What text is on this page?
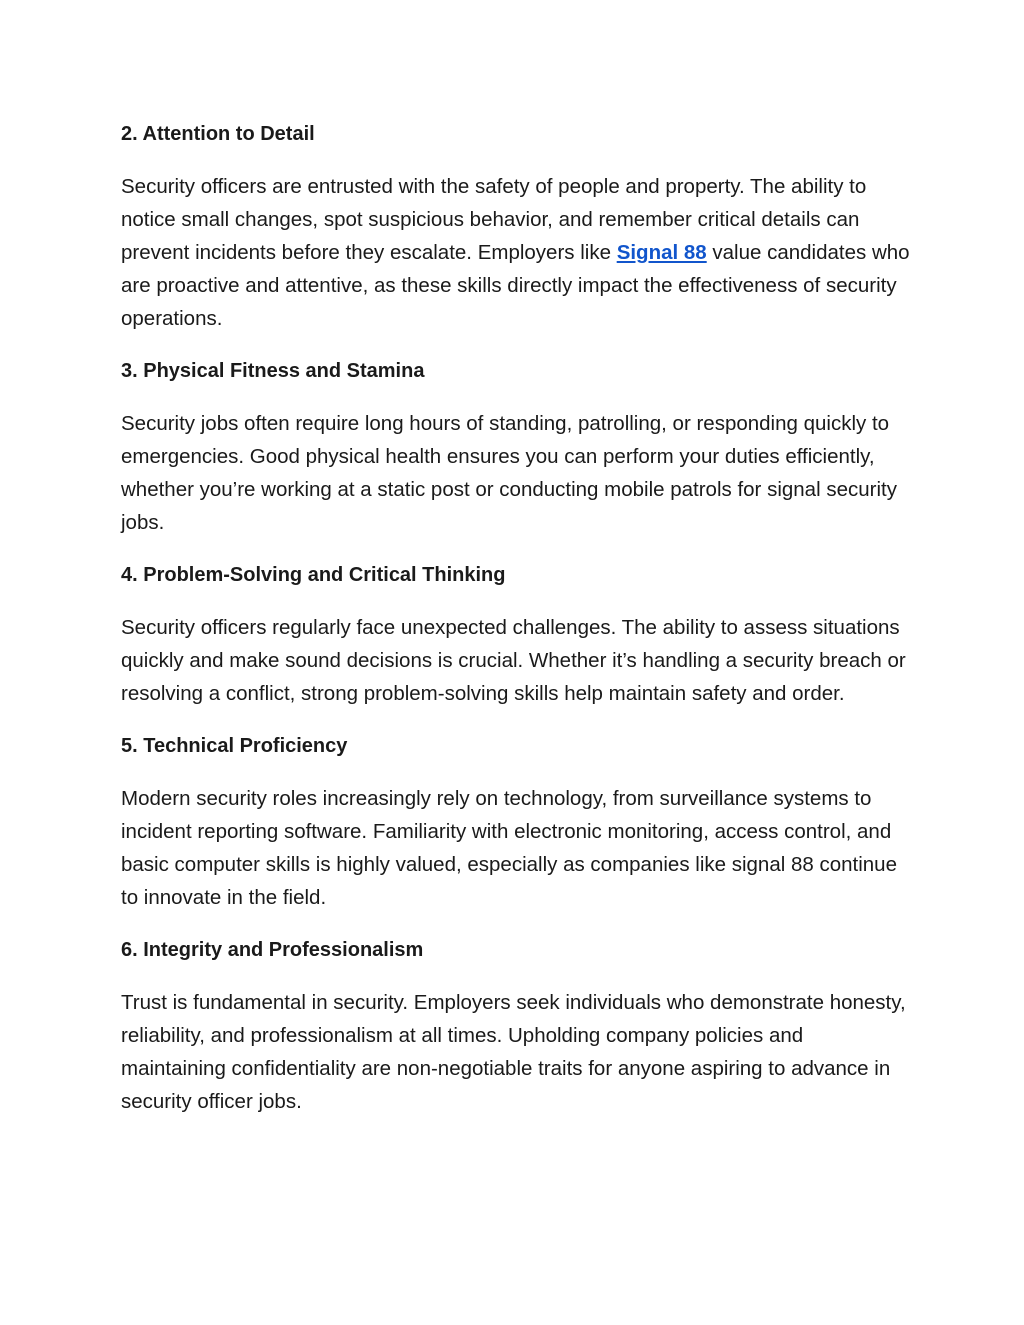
2. Attention to Detail

Security officers are entrusted with the safety of people and property. The ability to notice small changes, spot suspicious behavior, and remember critical details can prevent incidents before they escalate. Employers like Signal 88 value candidates who are proactive and attentive, as these skills directly impact the effectiveness of security operations.

3. Physical Fitness and Stamina

Security jobs often require long hours of standing, patrolling, or responding quickly to emergencies. Good physical health ensures you can perform your duties efficiently, whether you’re working at a static post or conducting mobile patrols for signal security jobs.

4. Problem-Solving and Critical Thinking

Security officers regularly face unexpected challenges. The ability to assess situations quickly and make sound decisions is crucial. Whether it’s handling a security breach or resolving a conflict, strong problem-solving skills help maintain safety and order.

5. Technical Proficiency

Modern security roles increasingly rely on technology, from surveillance systems to incident reporting software. Familiarity with electronic monitoring, access control, and basic computer skills is highly valued, especially as companies like signal 88 continue to innovate in the field.

6. Integrity and Professionalism

Trust is fundamental in security. Employers seek individuals who demonstrate honesty, reliability, and professionalism at all times. Upholding company policies and maintaining confidentiality are non-negotiable traits for anyone aspiring to advance in security officer jobs.
